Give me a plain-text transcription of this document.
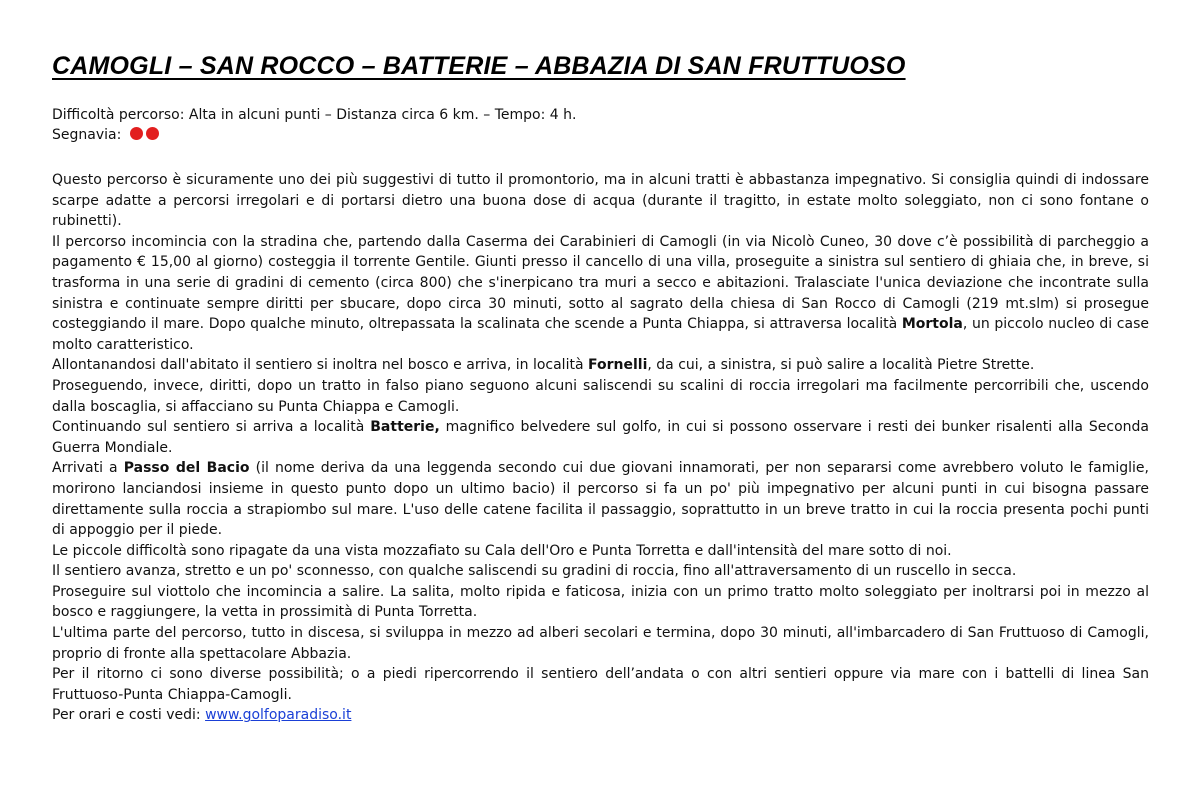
CAMOGLI – SAN ROCCO – BATTERIE – ABBAZIA DI SAN FRUTTUOSO
Difficoltà percorso: Alta in alcuni punti – Distanza circa 6 km. – Tempo: 4 h.
Segnavia:

Questo percorso è sicuramente uno dei più suggestivi di tutto il promontorio, ma in alcuni tratti è abbastanza impegnativo. Si consiglia quindi di indossare scarpe adatte a percorsi irregolari e di portarsi dietro una buona dose di acqua (durante il tragitto, in estate molto soleggiato, non ci sono fontane o rubinetti).

Il percorso incomincia con la stradina che, partendo dalla Caserma dei Carabinieri di Camogli (in via Nicolò Cuneo, 30 dove c’è possibilità di parcheggio a pagamento € 15,00 al giorno) costeggia il torrente Gentile. Giunti presso il cancello di una villa, proseguite a sinistra sul sentiero di ghiaia che, in breve, si trasforma in una serie di gradini di cemento (circa 800) che s'inerpicano tra muri a secco e abitazioni. Tralasciate l'unica deviazione che incontrate sulla sinistra e continuate sempre diritti per sbucare, dopo circa 30 minuti, sotto al sagrato della chiesa di San Rocco di Camogli (219 mt.slm) si prosegue costeggiando il mare. Dopo qualche minuto, oltrepassata la scalinata che scende a Punta Chiappa, si attraversa località Mortola, un piccolo nucleo di case molto caratteristico.

Allontanandosi dall'abitato il sentiero si inoltra nel bosco e arriva, in località Fornelli, da cui, a sinistra, si può salire a località Pietre Strette.

Proseguendo, invece, diritti, dopo un tratto in falso piano seguono alcuni saliscendi su scalini di roccia irregolari ma facilmente percorribili che, uscendo dalla boscaglia, si affacciano su Punta Chiappa e Camogli.

Continuando sul sentiero si arriva a località Batterie, magnifico belvedere sul golfo, in cui si possono osservare i resti dei bunker risalenti alla Seconda Guerra Mondiale.

Arrivati a Passo del Bacio (il nome deriva da una leggenda secondo cui due giovani innamorati, per non separarsi come avrebbero voluto le famiglie, morirono lanciandosi insieme in questo punto dopo un ultimo bacio) il percorso si fa un po' più impegnativo per alcuni punti in cui bisogna passare direttamente sulla roccia a strapiombo sul mare. L'uso delle catene facilita il passaggio, soprattutto in un breve tratto in cui la roccia presenta pochi punti di appoggio per il piede.

Le piccole difficoltà sono ripagate da una vista mozzafiato su Cala dell'Oro e Punta Torretta e dall'intensità del mare sotto di noi.

Il sentiero avanza, stretto e un po' sconnesso, con qualche saliscendi su gradini di roccia, fino all'attraversamento di un ruscello in secca.

Proseguire sul viottolo che incomincia a salire. La salita, molto ripida e faticosa, inizia con un primo tratto molto soleggiato per inoltrarsi poi in mezzo al bosco e raggiungere, la vetta in prossimità di Punta Torretta.

L'ultima parte del percorso, tutto in discesa, si sviluppa in mezzo ad alberi secolari e termina, dopo 30 minuti, all'imbarcadero di San Fruttuoso di Camogli, proprio di fronte alla spettacolare Abbazia.

Per il ritorno ci sono diverse possibilità; o a piedi ripercorrendo il sentiero dell’andata o con altri sentieri oppure via mare con i battelli di linea San Fruttuoso-Punta Chiappa-Camogli.

Per orari e costi vedi: www.golfoparadiso.it
